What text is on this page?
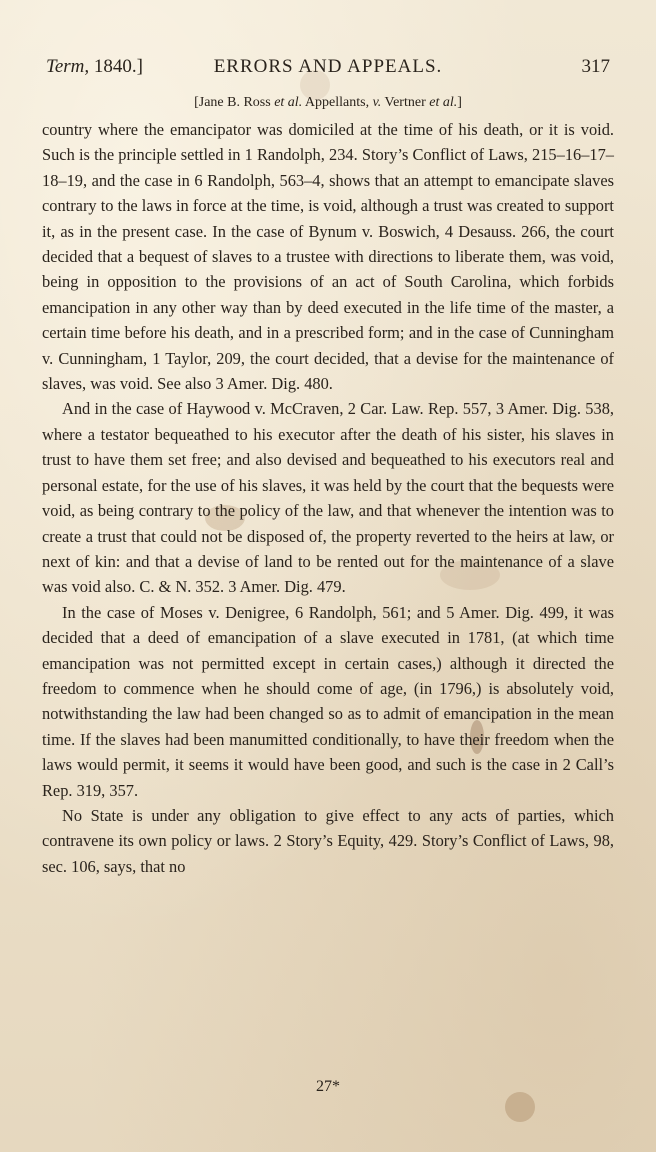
Term, 1840.]	ERRORS AND APPEALS.	317
[Jane B. Ross et al. Appellants, v. Vertner et al.]

country where the emancipator was domiciled at the time of his death, or it is void. Such is the principle settled in 1 Randolph, 234. Story’s Conflict of Laws, 215–16–17–18–19, and the case in 6 Randolph, 563–4, shows that an attempt to emancipate slaves contrary to the laws in force at the time, is void, although a trust was created to support it, as in the present case. In the case of Bynum v. Boswich, 4 Desauss. 266, the court decided that a bequest of slaves to a trustee with directions to liberate them, was void, being in opposition to the provisions of an act of South Carolina, which forbids emancipation in any other way than by deed executed in the life time of the master, a certain time before his death, and in a prescribed form; and in the case of Cunningham v. Cunningham, 1 Taylor, 209, the court decided, that a devise for the maintenance of slaves, was void. See also 3 Amer. Dig. 480.

And in the case of Haywood v. McCraven, 2 Car. Law. Rep. 557, 3 Amer. Dig. 538, where a testator bequeathed to his executor after the death of his sister, his slaves in trust to have them set free; and also devised and bequeathed to his executors real and personal estate, for the use of his slaves, it was held by the court that the bequests were void, as being contrary to the policy of the law, and that whenever the intention was to create a trust that could not be disposed of, the property reverted to the heirs at law, or next of kin: and that a devise of land to be rented out for the maintenance of a slave was void also. C. & N. 352. 3 Amer. Dig. 479.

In the case of Moses v. Denigree, 6 Randolph, 561; and 5 Amer. Dig. 499, it was decided that a deed of emancipation of a slave executed in 1781, (at which time emancipation was not permitted except in certain cases,) although it directed the freedom to commence when he should come of age, (in 1796,) is absolutely void, notwithstanding the law had been changed so as to admit of emancipation in the mean time. If the slaves had been manumitted conditionally, to have their freedom when the laws would permit, it seems it would have been good, and such is the case in 2 Call’s Rep. 319, 357.

No State is under any obligation to give effect to any acts of parties, which contravene its own policy or laws. 2 Story’s Equity, 429. Story’s Conflict of Laws, 98, sec. 106, says, that no

27*
